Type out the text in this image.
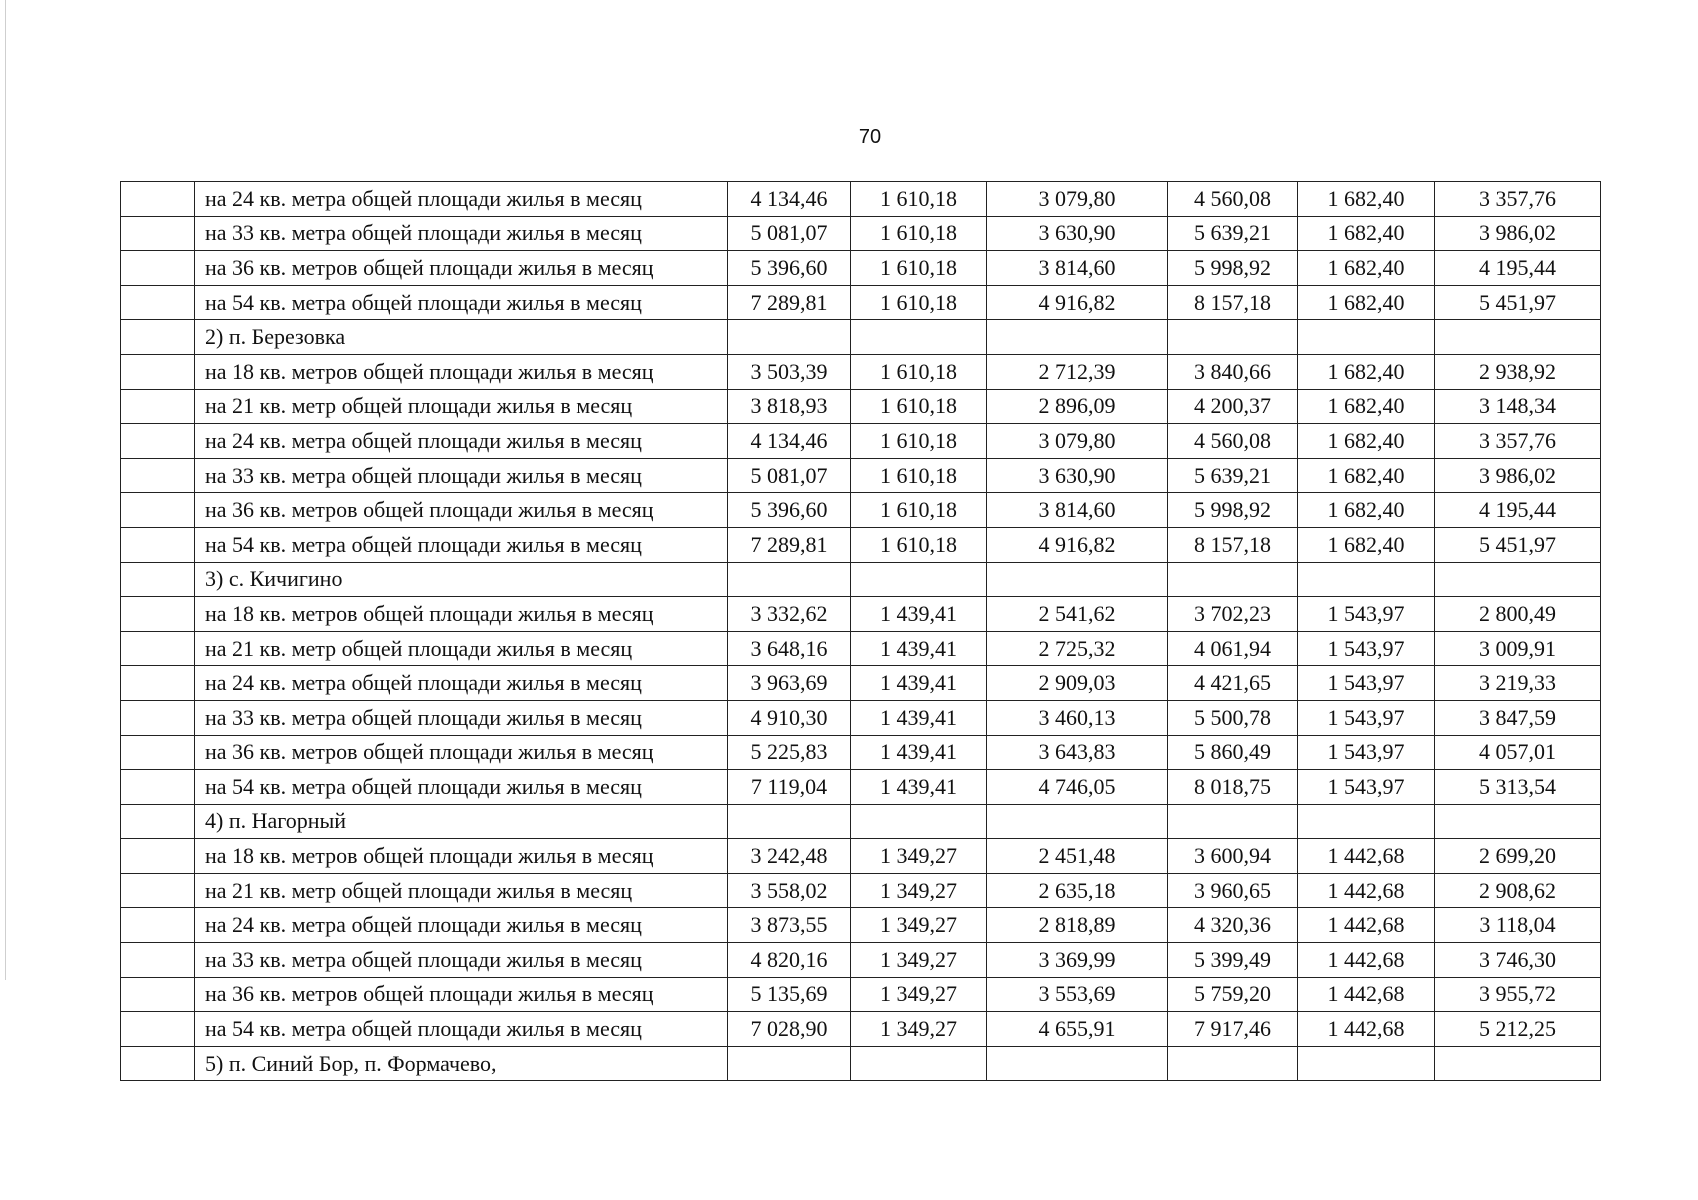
70
	на 24 кв. метра общей площади жилья в месяц	4 134,46	1 610,18	3 079,80	4 560,08	1 682,40	3 357,76
	на 33 кв. метра общей площади жилья в месяц	5 081,07	1 610,18	3 630,90	5 639,21	1 682,40	3 986,02
	на 36 кв. метров общей площади жилья в месяц	5 396,60	1 610,18	3 814,60	5 998,92	1 682,40	4 195,44
	на 54 кв. метра общей площади жилья в месяц	7 289,81	1 610,18	4 916,82	8 157,18	1 682,40	5 451,97
	2) п. Березовка						
	на 18 кв. метров общей площади жилья в месяц	3 503,39	1 610,18	2 712,39	3 840,66	1 682,40	2 938,92
	на 21 кв. метр общей площади жилья в месяц	3 818,93	1 610,18	2 896,09	4 200,37	1 682,40	3 148,34
	на 24 кв. метра общей площади жилья в месяц	4 134,46	1 610,18	3 079,80	4 560,08	1 682,40	3 357,76
	на 33 кв. метра общей площади жилья в месяц	5 081,07	1 610,18	3 630,90	5 639,21	1 682,40	3 986,02
	на 36 кв. метров общей площади жилья в месяц	5 396,60	1 610,18	3 814,60	5 998,92	1 682,40	4 195,44
	на 54 кв. метра общей площади жилья в месяц	7 289,81	1 610,18	4 916,82	8 157,18	1 682,40	5 451,97
	3) с. Кичигино						
	на 18 кв. метров общей площади жилья в месяц	3 332,62	1 439,41	2 541,62	3 702,23	1 543,97	2 800,49
	на 21 кв. метр общей площади жилья в месяц	3 648,16	1 439,41	2 725,32	4 061,94	1 543,97	3 009,91
	на 24 кв. метра общей площади жилья в месяц	3 963,69	1 439,41	2 909,03	4 421,65	1 543,97	3 219,33
	на 33 кв. метра общей площади жилья в месяц	4 910,30	1 439,41	3 460,13	5 500,78	1 543,97	3 847,59
	на 36 кв. метров общей площади жилья в месяц	5 225,83	1 439,41	3 643,83	5 860,49	1 543,97	4 057,01
	на 54 кв. метра общей площади жилья в месяц	7 119,04	1 439,41	4 746,05	8 018,75	1 543,97	5 313,54
	4) п. Нагорный						
	на 18 кв. метров общей площади жилья в месяц	3 242,48	1 349,27	2 451,48	3 600,94	1 442,68	2 699,20
	на 21 кв. метр общей площади жилья в месяц	3 558,02	1 349,27	2 635,18	3 960,65	1 442,68	2 908,62
	на 24 кв. метра общей площади жилья в месяц	3 873,55	1 349,27	2 818,89	4 320,36	1 442,68	3 118,04
	на 33 кв. метра общей площади жилья в месяц	4 820,16	1 349,27	3 369,99	5 399,49	1 442,68	3 746,30
	на 36 кв. метров общей площади жилья в месяц	5 135,69	1 349,27	3 553,69	5 759,20	1 442,68	3 955,72
	на 54 кв. метра общей площади жилья в месяц	7 028,90	1 349,27	4 655,91	7 917,46	1 442,68	5 212,25
	5) п. Синий Бор, п. Формачево,						
